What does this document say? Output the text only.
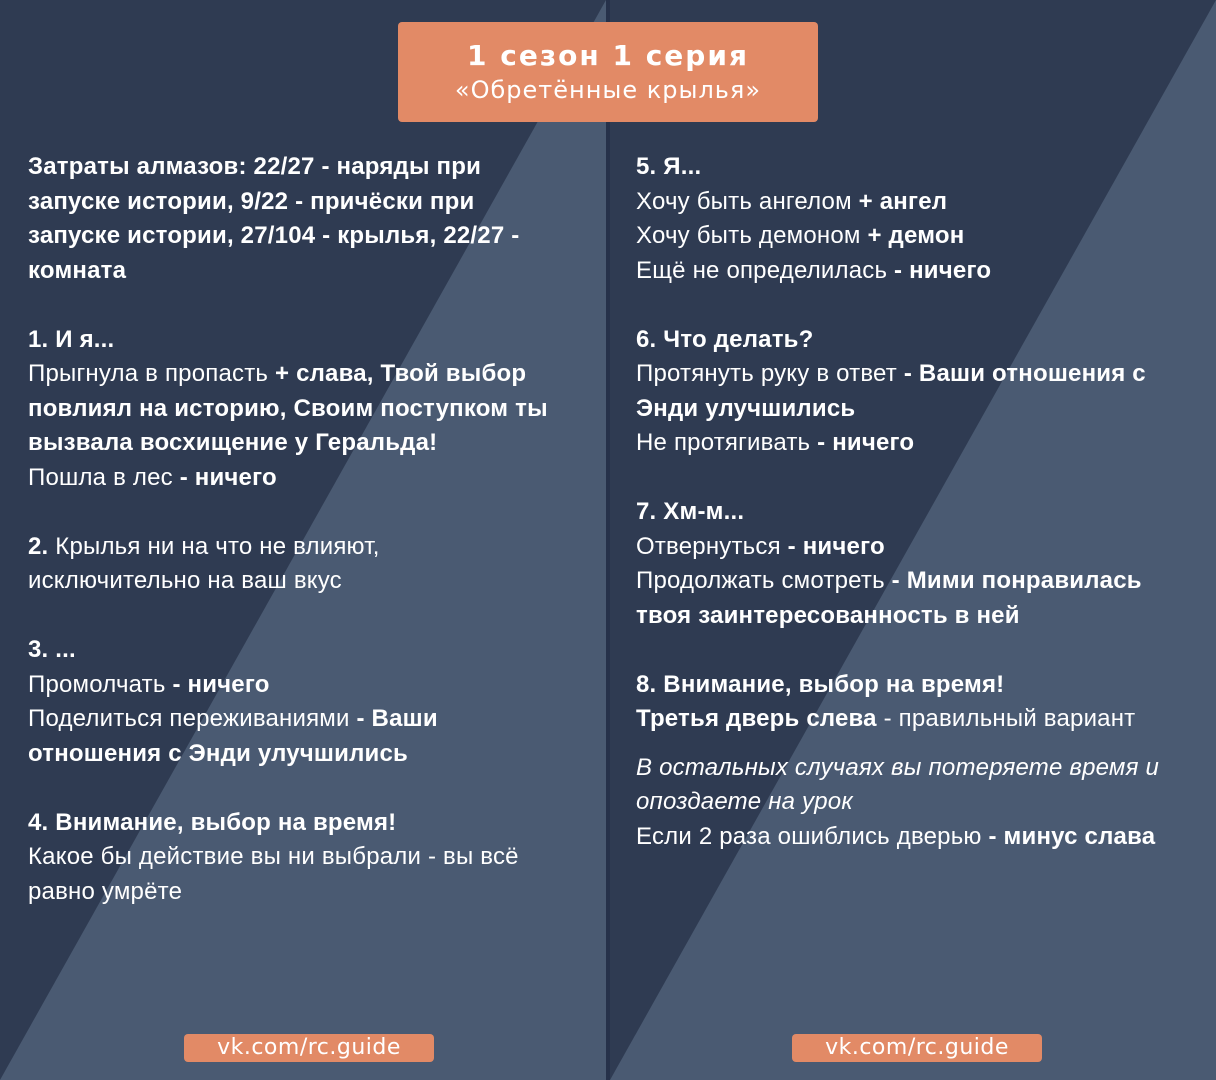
1 сезон 1 серия
«Обретённые крылья»
Затраты алмазов: 22/27 - наряды при
запуске истории, 9/22 - причёски при
запуске истории, 27/104 - крылья, 22/27 -
комната
1. И я...
Прыгнула в пропасть + слава, Твой выбор
повлиял на историю, Своим поступком ты
вызвала восхищение у Геральда!
Пошла в лес - ничего
2. Крылья ни на что не влияют,
исключительно на ваш вкус
3. ...
Промолчать - ничего
Поделиться переживаниями - Ваши
отношения с Энди улучшились
4. Внимание, выбор на время!
Какое бы действие вы ни выбрали - вы всё
равно умрёте
5. Я...
Хочу быть ангелом + ангел
Хочу быть демоном + демон
Ещё не определилась - ничего
6. Что делать?
Протянуть руку в ответ - Ваши отношения с
Энди улучшились
Не протягивать - ничего
7. Хм-м...
Отвернуться - ничего
Продолжать смотреть - Мими понравилась
твоя заинтересованность в ней
8. Внимание, выбор на время!
Третья дверь слева - правильный вариант
В остальных случаях вы потеряете время и
опоздаете на урок
Если 2 раза ошиблись дверью - минус слава
vk.com/rc.guide	vk.com/rc.guide
